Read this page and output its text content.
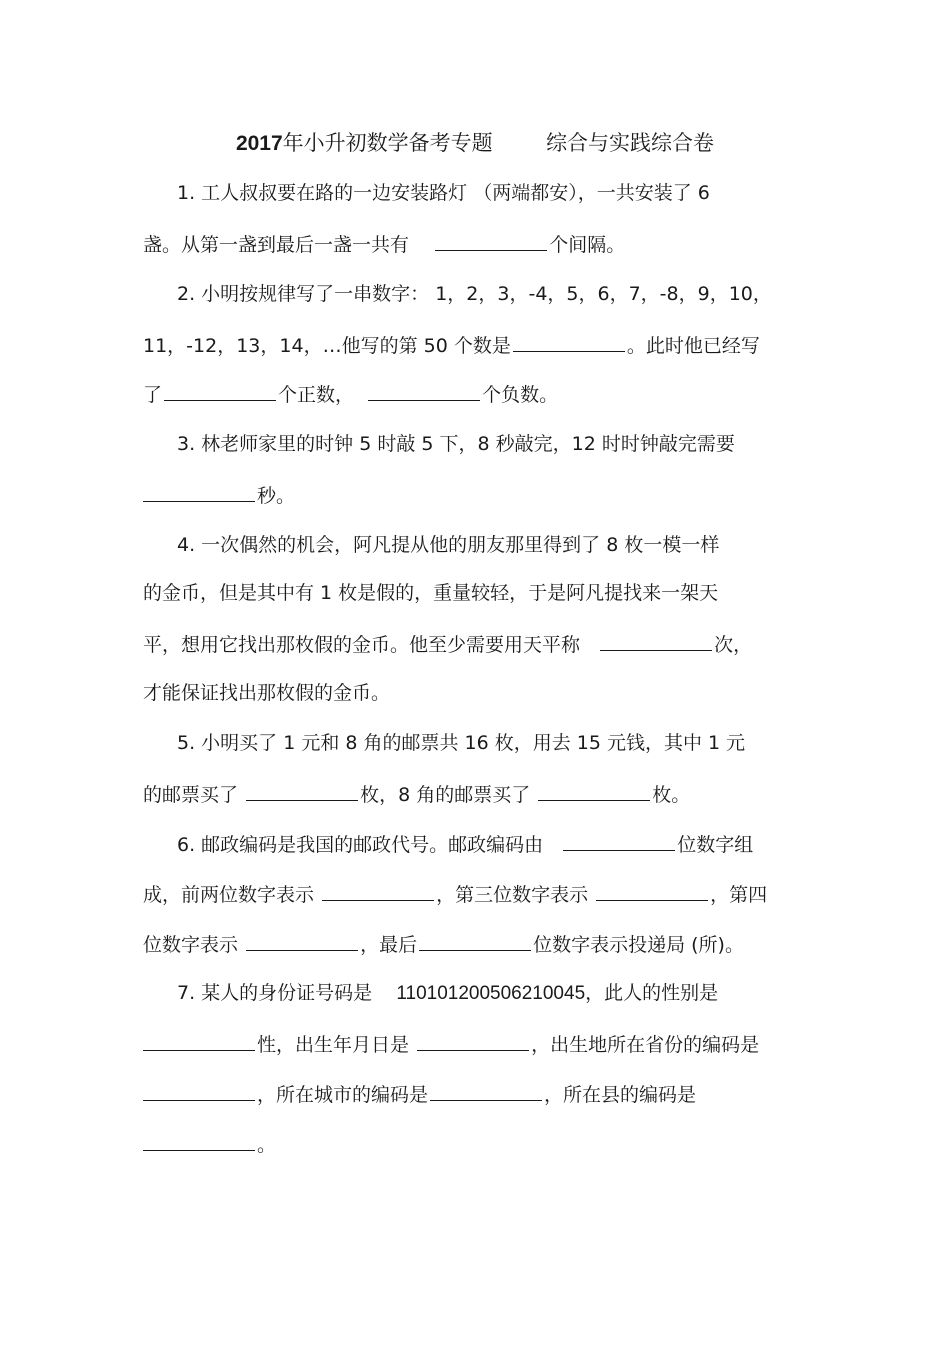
2017年小升初数学备考专题	综合与实践综合卷
1. 工人叔叔要在路的一边安装路灯 （两端都安），一共安装了 6
盏。从第一盏到最后一盏一共有	个间隔。
2. 小明按规律写了一串数字： 1，2，3，-4，5，6，7，-8，9，10，
11，-12，13，14，…他写的第 50 个数是	。此时他已经写
了	个正数，	个负数。
3. 林老师家里的时钟 5 时敲 5 下，8 秒敲完，12 时时钟敲完需要
秒。
4. 一次偶然的机会，阿凡提从他的朋友那里得到了 8 枚一模一样
的金币，但是其中有 1 枚是假的，重量较轻，于是阿凡提找来一架天
平，想用它找出那枚假的金币。他至少需要用天平称	次，
才能保证找出那枚假的金币。
5. 小明买了 1 元和 8 角的邮票共 16 枚，用去 15 元钱，其中 1 元
的邮票买了	枚，8 角的邮票买了	枚。
6. 邮政编码是我国的邮政代号。邮政编码由	位数字组
成，前两位数字表示	，第三位数字表示	，第四
位数字表示	，最后	位数字表示投递局 (所)。
7. 某人的身份证号码是 110101200506210045，此人的性别是
性，出生年月日是	，出生地所在省份的编码是
，所在城市的编码是	，所在县的编码是
。
